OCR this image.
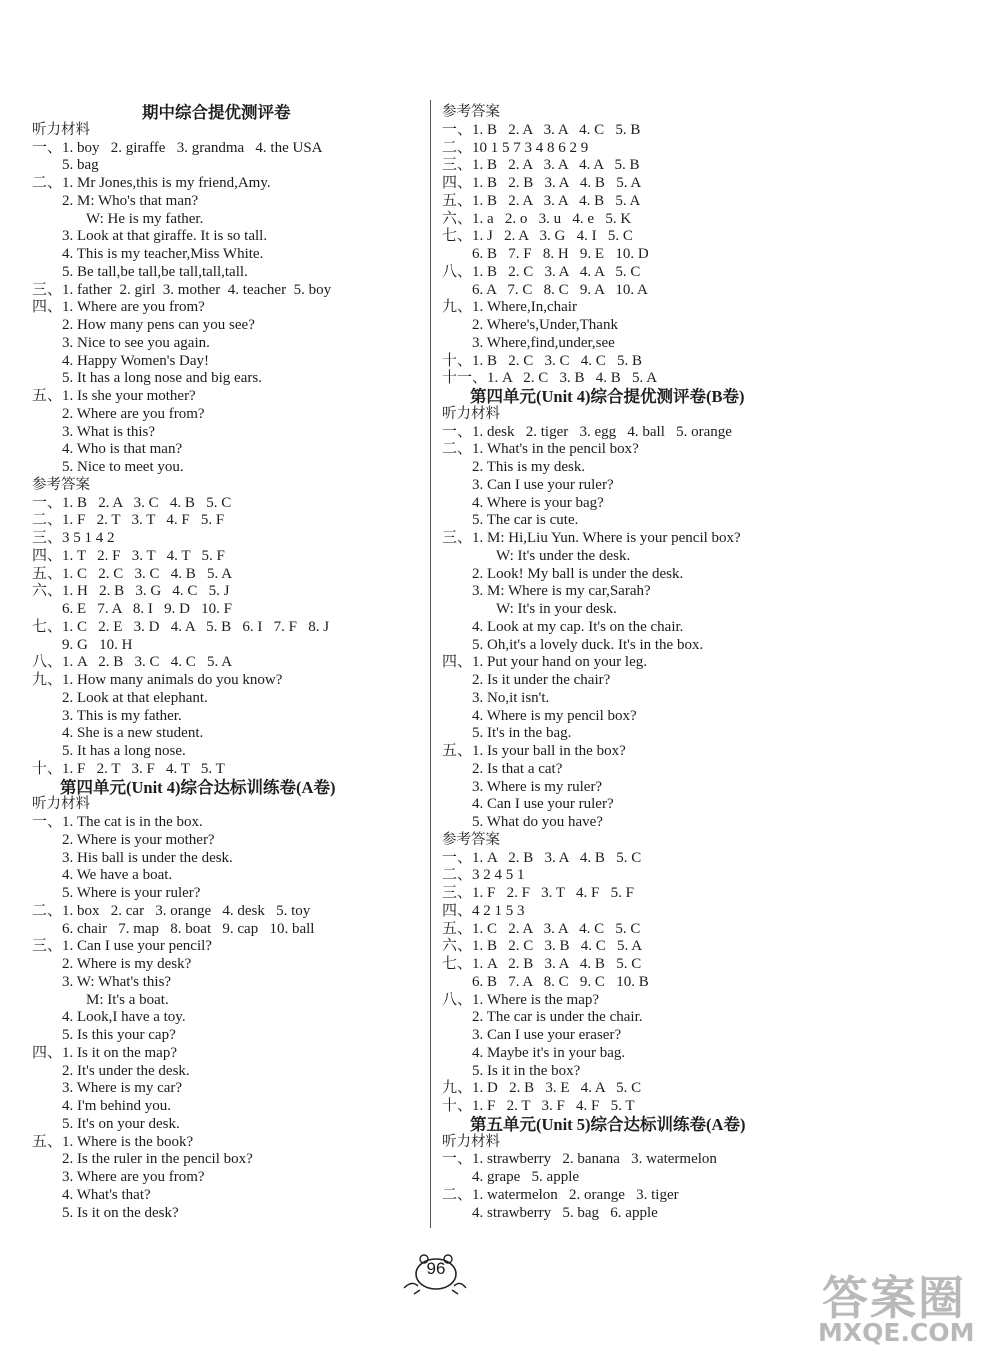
期中综合提优测评卷
听力材料
一、1. boy   2. giraffe   3. grandma   4. the USA
5. bag
二、1. Mr Jones,this is my friend,Amy.
2. M: Who's that man?
W: He is my father.
3. Look at that giraffe. It is so tall.
4. This is my teacher,Miss White.
5. Be tall,be tall,be tall,tall,tall.
三、1. father  2. girl  3. mother  4. teacher  5. boy
四、1. Where are you from?
2. How many pens can you see?
3. Nice to see you again.
4. Happy Women's Day!
5. It has a long nose and big ears.
五、1. Is she your mother?
2. Where are you from?
3. What is this?
4. Who is that man?
5. Nice to meet you.
参考答案
一、1. B   2. A   3. C   4. B   5. C
二、1. F   2. T   3. T   4. F   5. F
三、3 5 1 4 2
四、1. T   2. F   3. T   4. T   5. F
五、1. C   2. C   3. C   4. B   5. A
六、1. H   2. B   3. G   4. C   5. J
6. E   7. A   8. I   9. D   10. F
七、1. C   2. E   3. D   4. A   5. B   6. I   7. F   8. J
9. G   10. H
八、1. A   2. B   3. C   4. C   5. A
九、1. How many animals do you know?
2. Look at that elephant.
3. This is my father.
4. She is a new student.
5. It has a long nose.
十、1. F   2. T   3. F   4. T   5. T
第四单元(Unit 4)综合达标训练卷(A卷)
听力材料
一、1. The cat is in the box.
2. Where is your mother?
3. His ball is under the desk.
4. We have a boat.
5. Where is your ruler?
二、1. box   2. car   3. orange   4. desk   5. toy
6. chair   7. map   8. boat   9. cap   10. ball
三、1. Can I use your pencil?
2. Where is my desk?
3. W: What's this?
M: It's a boat.
4. Look,I have a toy.
5. Is this your cap?
四、1. Is it on the map?
2. It's under the desk.
3. Where is my car?
4. I'm behind you.
5. It's on your desk.
五、1. Where is the book?
2. Is the ruler in the pencil box?
3. Where are you from?
4. What's that?
5. Is it on the desk?
参考答案
一、1. B   2. A   3. A   4. C   5. B
二、10 1 5 7 3 4 8 6 2 9
三、1. B   2. A   3. A   4. A   5. B
四、1. B   2. B   3. A   4. B   5. A
五、1. B   2. A   3. A   4. B   5. A
六、1. a   2. o   3. u   4. e   5. K
七、1. J   2. A   3. G   4. I   5. C
6. B   7. F   8. H   9. E   10. D
八、1. B   2. C   3. A   4. A   5. C
6. A   7. C   8. C   9. A   10. A
九、1. Where,In,chair
2. Where's,Under,Thank
3. Where,find,under,see
十、1. B   2. C   3. C   4. C   5. B
十一、1. A   2. C   3. B   4. B   5. A
第四单元(Unit 4)综合提优测评卷(B卷)
听力材料
一、1. desk   2. tiger   3. egg   4. ball   5. orange
二、1. What's in the pencil box?
2. This is my desk.
3. Can I use your ruler?
4. Where is your bag?
5. The car is cute.
三、1. M: Hi,Liu Yun. Where is your pencil box?
W: It's under the desk.
2. Look! My ball is under the desk.
3. M: Where is my car,Sarah?
W: It's in your desk.
4. Look at my cap. It's on the chair.
5. Oh,it's a lovely duck. It's in the box.
四、1. Put your hand on your leg.
2. Is it under the chair?
3. No,it isn't.
4. Where is my pencil box?
5. It's in the bag.
五、1. Is your ball in the box?
2. Is that a cat?
3. Where is my ruler?
4. Can I use your ruler?
5. What do you have?
参考答案
一、1. A   2. B   3. A   4. B   5. C
二、3 2 4 5 1
三、1. F   2. F   3. T   4. F   5. F
四、4 2 1 5 3
五、1. C   2. A   3. A   4. C   5. C
六、1. B   2. C   3. B   4. C   5. A
七、1. A   2. B   3. A   4. B   5. C
6. B   7. A   8. C   9. C   10. B
八、1. Where is the map?
2. The car is under the chair.
3. Can I use your eraser?
4. Maybe it's in your bag.
5. Is it in the box?
九、1. D   2. B   3. E   4. A   5. C
十、1. F   2. T   3. F   4. F   5. T
第五单元(Unit 5)综合达标训练卷(A卷)
听力材料
一、1. strawberry   2. banana   3. watermelon
4. grape   5. apple
二、1. watermelon   2. orange   3. tiger
4. strawberry   5. bag   6. apple
96
答案圈
MXQE.COM
